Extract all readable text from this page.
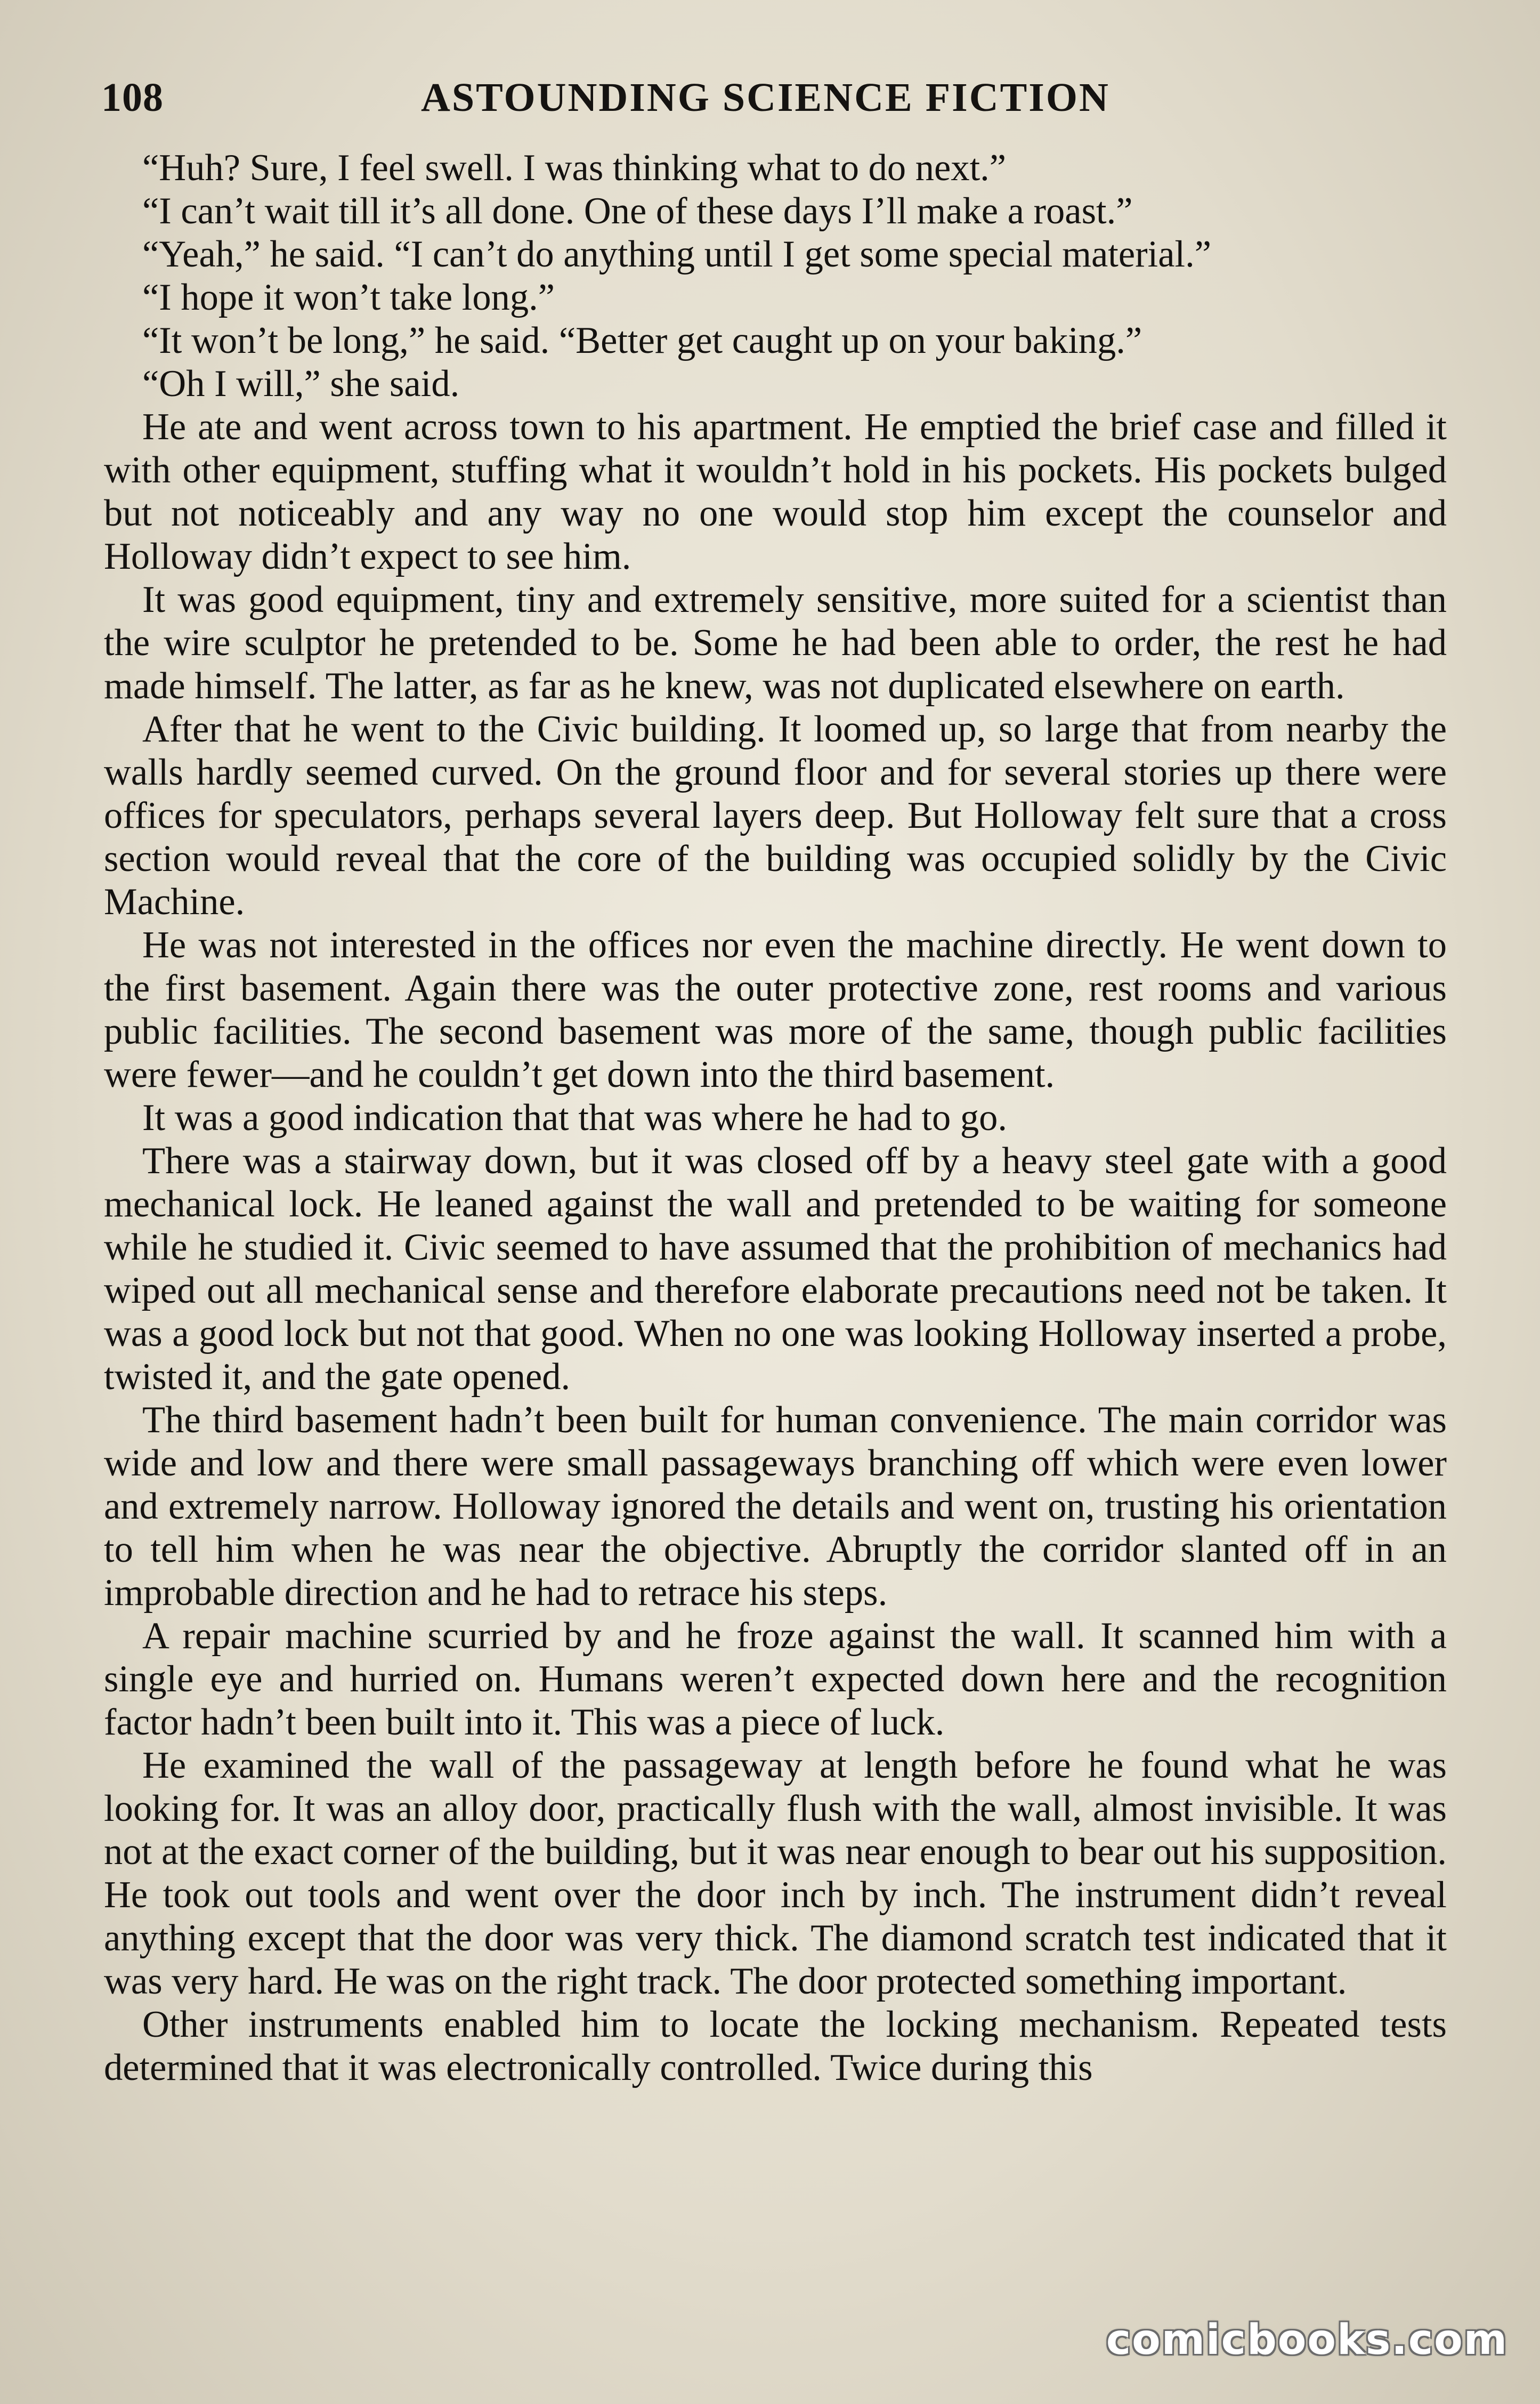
108	ASTOUNDING SCIENCE FICTION

“Huh? Sure, I feel swell. I was thinking what to do next.”

“I can’t wait till it’s all done. One of these days I’ll make a roast.”

“Yeah,” he said. “I can’t do anything until I get some special material.”

“I hope it won’t take long.”

“It won’t be long,” he said. “Better get caught up on your baking.”

“Oh I will,” she said.

He ate and went across town to his apartment. He emptied the brief case and filled it with other equipment, stuffing what it wouldn’t hold in his pockets. His pockets bulged but not noticeably and any way no one would stop him except the counselor and Holloway didn’t expect to see him.

It was good equipment, tiny and extremely sensitive, more suited for a scientist than the wire sculptor he pretended to be. Some he had been able to order, the rest he had made himself. The latter, as far as he knew, was not duplicated elsewhere on earth.

After that he went to the Civic building. It loomed up, so large that from nearby the walls hardly seemed curved. On the ground floor and for several stories up there were offices for speculators, perhaps several layers deep. But Holloway felt sure that a cross section would reveal that the core of the building was occupied solidly by the Civic Machine.

He was not interested in the offices nor even the machine directly. He went down to the first basement. Again there was the outer protective zone, rest rooms and various public facilities. The second basement was more of the same, though public facilities were fewer—and he couldn’t get down into the third basement.

It was a good indication that that was where he had to go.

There was a stairway down, but it was closed off by a heavy steel gate with a good mechanical lock. He leaned against the wall and pretended to be waiting for someone while he studied it. Civic seemed to have assumed that the prohibition of mechanics had wiped out all mechanical sense and therefore elaborate precautions need not be taken. It was a good lock but not that good. When no one was looking Holloway inserted a probe, twisted it, and the gate opened.

The third basement hadn’t been built for human convenience. The main corridor was wide and low and there were small passageways branching off which were even lower and extremely narrow. Holloway ignored the details and went on, trusting his orientation to tell him when he was near the objective. Abruptly the corridor slanted off in an improbable direction and he had to retrace his steps.

A repair machine scurried by and he froze against the wall. It scanned him with a single eye and hurried on. Humans weren’t expected down here and the recognition factor hadn’t been built into it. This was a piece of luck.

He examined the wall of the passageway at length before he found what he was looking for. It was an alloy door, practically flush with the wall, almost invisible. It was not at the exact corner of the building, but it was near enough to bear out his supposition. He took out tools and went over the door inch by inch. The instrument didn’t reveal anything except that the door was very thick. The diamond scratch test indicated that it was very hard. He was on the right track. The door protected something important.

Other instruments enabled him to locate the locking mechanism. Repeated tests determined that it was electronically controlled. Twice during this

comicbooks.com
